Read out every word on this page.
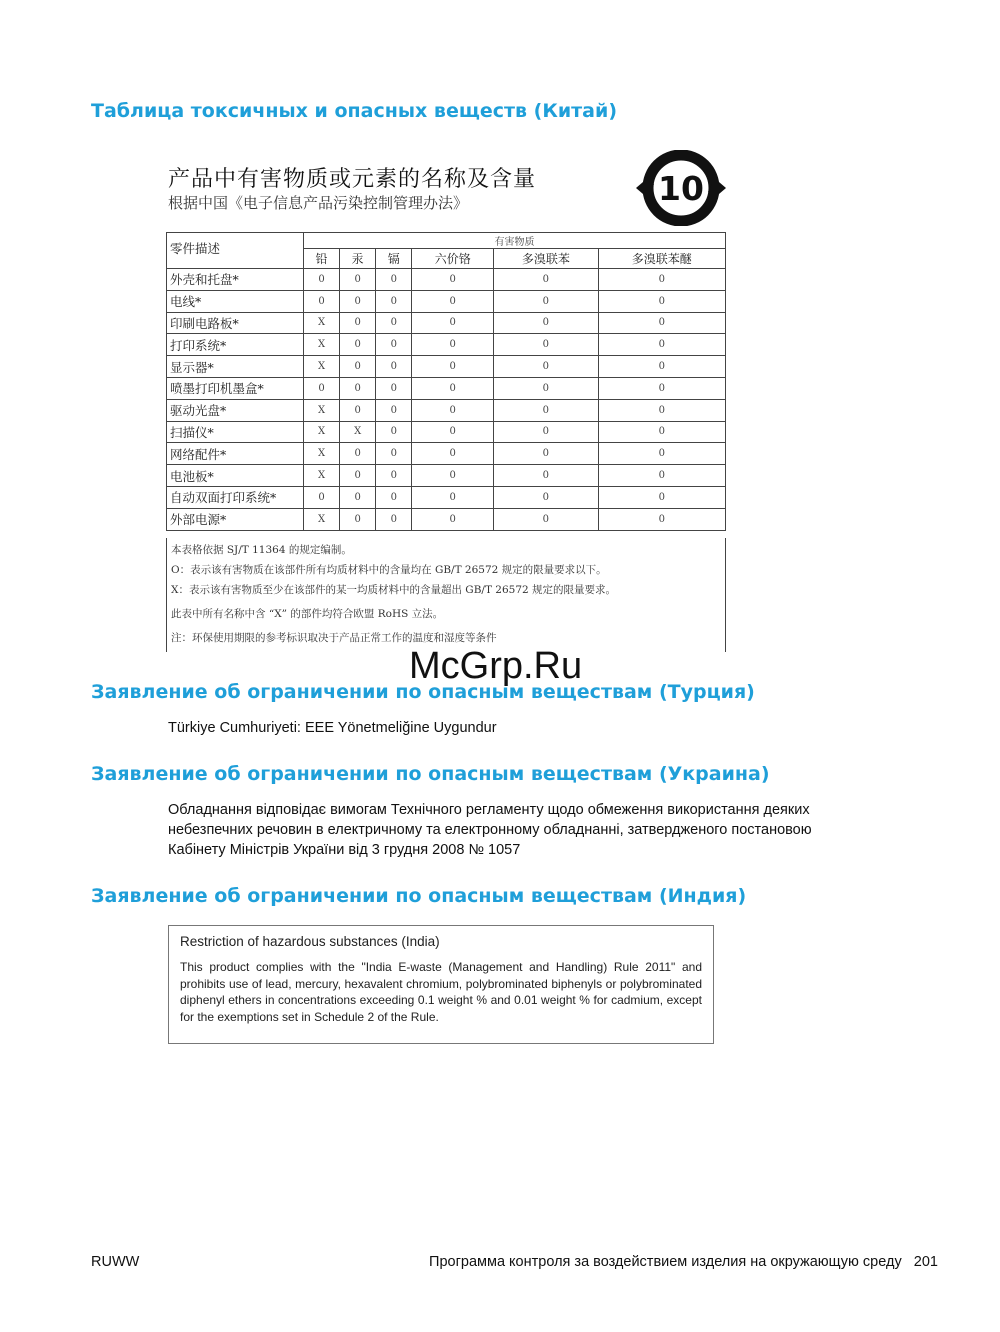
Таблица токсичных и опасных веществ (Китай)
产品中有害物质或元素的名称及含量
根据中国《电子信息产品污染控制管理办法》	10
零件描述	有害物质					
	铅	汞	镉	六价铬	多溴联苯	多溴联苯醚
外壳和托盘*	0	0	0	0	0	0
电线*	0	0	0	0	0	0
印刷电路板*	X	0	0	0	0	0
打印系统*	X	0	0	0	0	0
显示器*	X	0	0	0	0	0
喷墨打印机墨盒*	0	0	0	0	0	0
驱动光盘*	X	0	0	0	0	0
扫描仪*	X	X	0	0	0	0
网络配件*	X	0	0	0	0	0
电池板*	X	0	0	0	0	0
自动双面打印系统*	0	0	0	0	0	0
外部电源*	X	0	0	0	0	0
本表格依据 SJ/T 11364 的规定编制。
O：表示该有害物质在该部件所有均质材料中的含量均在 GB/T 26572 规定的限量要求以下。
X：表示该有害物质至少在该部件的某一均质材料中的含量超出 GB/T 26572 规定的限量要求。
此表中所有名称中含 “X” 的部件均符合欧盟 RoHS 立法。
注：环保使用期限的参考标识取决于产品正常工作的温度和湿度等条件
McGrp.Ru
Заявление об ограничении по опасным веществам (Турция)
Türkiye Cumhuriyeti: EEE Yönetmeliğine Uygundur
Заявление об ограничении по опасным веществам (Украина)
Обладнання відповідає вимогам Технічного регламенту щодо обмеження використання деяких
небезпечних речовин в електричному та електронному обладнанні, затвердженого постановою
Кабінету Міністрів України від 3 грудня 2008 № 1057
Заявление об ограничении по опасным веществам (Индия)
Restriction of hazardous substances (India)
This product complies with the "India E-waste (Management and Handling) Rule 2011" and prohibits use of lead, mercury, hexavalent chromium, polybrominated biphenyls or polybrominated diphenyl ethers in concentrations exceeding 0.1 weight % and 0.01 weight % for cadmium, except for the exemptions set in Schedule 2 of the Rule.
RUWW	Программа контроля за воздействием изделия на окружающую среду 201
